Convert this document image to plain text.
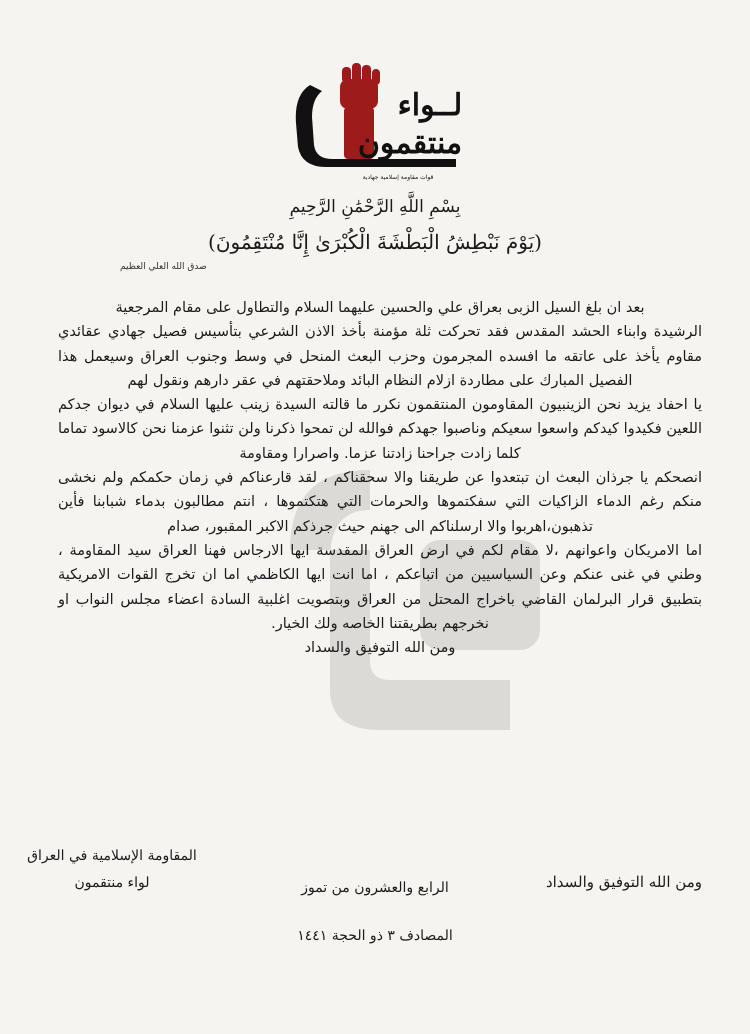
لــواء
منتقمون
قوات مقاومة إسلامية جهادية
بِسْمِ اللَّهِ الرَّحْمَٰنِ الرَّحِيمِ
(يَوْمَ نَبْطِشُ الْبَطْشَةَ الْكُبْرَىٰ إِنَّا مُنْتَقِمُونَ)
صدق الله العلي العظيم

بعد ان بلغ السيل الزبى بعراق علي والحسين عليهما السلام والتطاول على مقام المرجعية

الرشيدة وابناء الحشد المقدس فقد تحركت ثلة مؤمنة بأخذ الاذن الشرعي بتأسيس فصيل جهادي عقائدي مقاوم يأخذ على عاتقه ما افسده المجرمون وحزب البعث المنحل في وسط وجنوب العراق وسيعمل هذا الفصيل المبارك على مطاردة ازلام النظام البائد وملاحقتهم في عقر دارهم ونقول لهم

يا احفاد يزيد نحن الزينبيون المقاومون المنتقمون نكرر ما قالته السيدة زينب عليها السلام في ديوان جدكم اللعين فكيدوا كيدكم واسعوا سعيكم وناصبوا جهدكم فوالله لن تمحوا ذكرنا ولن تثنوا عزمنا نحن كالاسود تماما كلما زادت جراحنا زادتنا عزما. واصرارا ومقاومة

انصحكم يا جرذان البعث ان تبتعدوا عن طريقنا والا سحقناكم ، لقد قارعناكم في زمان حكمكم ولم نخشى منكم رغم الدماء الزاكيات التي سفكتموها والحرمات التي هتكتموها ، انتم مطالبون بدماء شبابنا فأين تذهبون،اهربوا والا ارسلناكم الى جهنم حيث جرذكم الاكبر المقبور، صدام

اما الامريكان واعوانهم ،لا مقام لكم في ارض العراق المقدسة ايها الارجاس فهنا العراق سيد المقاومة ، وطني في غنى عنكم وعن السياسيين من اتباعكم ، اما انت ايها الكاظمي اما ان تخرج القوات الامريكية بتطبيق قرار البرلمان القاضي باخراج المحتل من العراق وبتصويت اغلبية السادة اعضاء مجلس النواب او نخرجهم بطريقتنا الخاصه ولك الخيار.

ومن الله التوفيق والسداد

المقاومة الإسلامية في العراق
لواء منتقمون	ومن الله التوفيق والسداد
الرابع والعشرون من تموز
المصادف ٣ ذو الحجة ١٤٤١
